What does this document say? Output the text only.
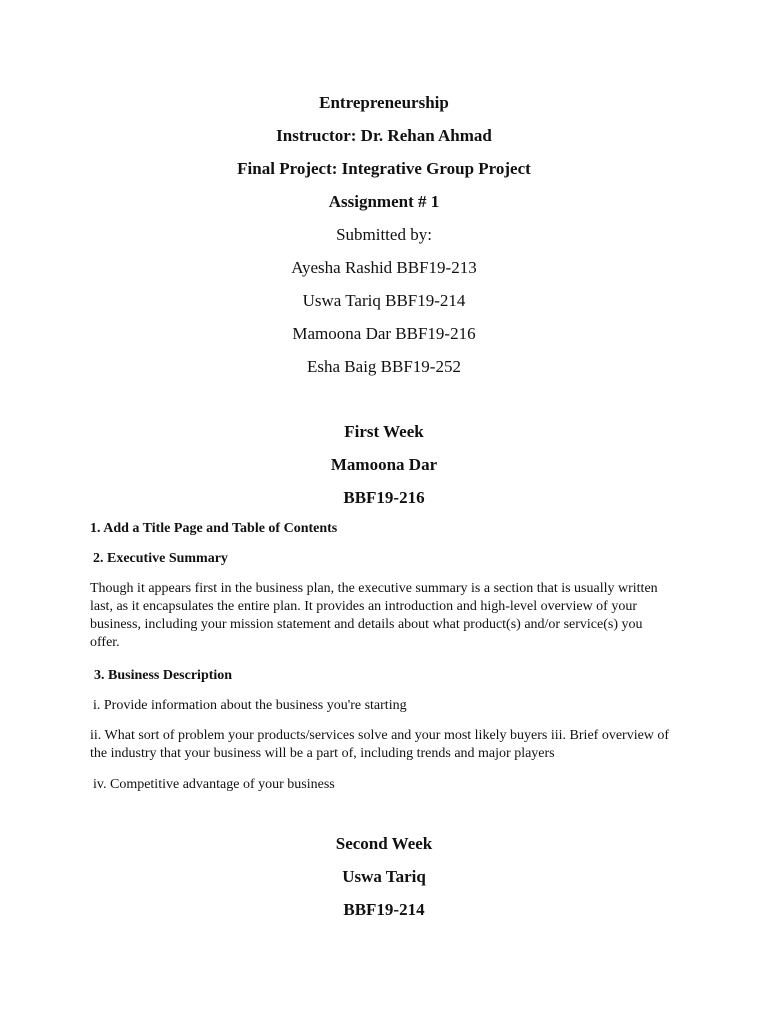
Entrepreneurship
Instructor: Dr. Rehan Ahmad
Final Project: Integrative Group Project
Assignment # 1
Submitted by:
Ayesha Rashid BBF19-213
Uswa Tariq BBF19-214
Mamoona Dar BBF19-216
Esha Baig BBF19-252
First Week
Mamoona Dar
BBF19-216
1. Add a Title Page and Table of Contents
2. Executive Summary
Though it appears first in the business plan, the executive summary is a section that is usually written last, as it encapsulates the entire plan. It provides an introduction and high-level overview of your business, including your mission statement and details about what product(s) and/or service(s) you offer.
3. Business Description
i. Provide information about the business you're starting
ii. What sort of problem your products/services solve and your most likely buyers iii. Brief overview of the industry that your business will be a part of, including trends and major players
iv. Competitive advantage of your business
Second Week
Uswa Tariq
BBF19-214
